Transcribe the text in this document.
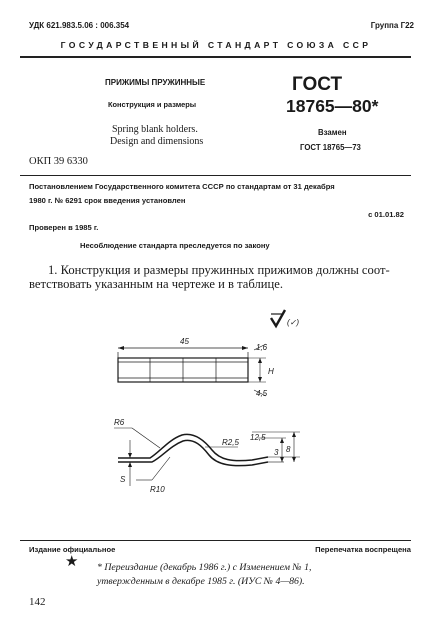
УДК 621.983.5.06 : 006.354	Группа Г22
ГОСУДАРСТВЕННЫЙ СТАНДАРТ СОЮЗА ССР
ПРИЖИМЫ ПРУЖИННЫЕ
Конструкция и размеры
Spring blank holders.
Design and dimensions
ГОСТ
18765—80*
Взамен
ГОСТ 18765—73
ОКП 39 6330
Постановлением Государственного комитета СССР по стандартам от 31 декабря
1980 г. № 6291 срок введения установлен
с 01.01.82
Проверен в 1985 г.
Несоблюдение стандарта преследуется по закону
1. Конструкция и размеры пружинных прижимов должны соот-
ветствовать указанным на чертеже и в таблице.
(✓)
45
1,6
H
4,5
R6
R2,5
12,5
3 8
S
R10
Издание официальное	Перепечатка воспрещена
★ * Переиздание (декабрь 1986 г.) с Изменением № 1,
утвержденным в декабре 1985 г. (ИУС № 4—86).
142
